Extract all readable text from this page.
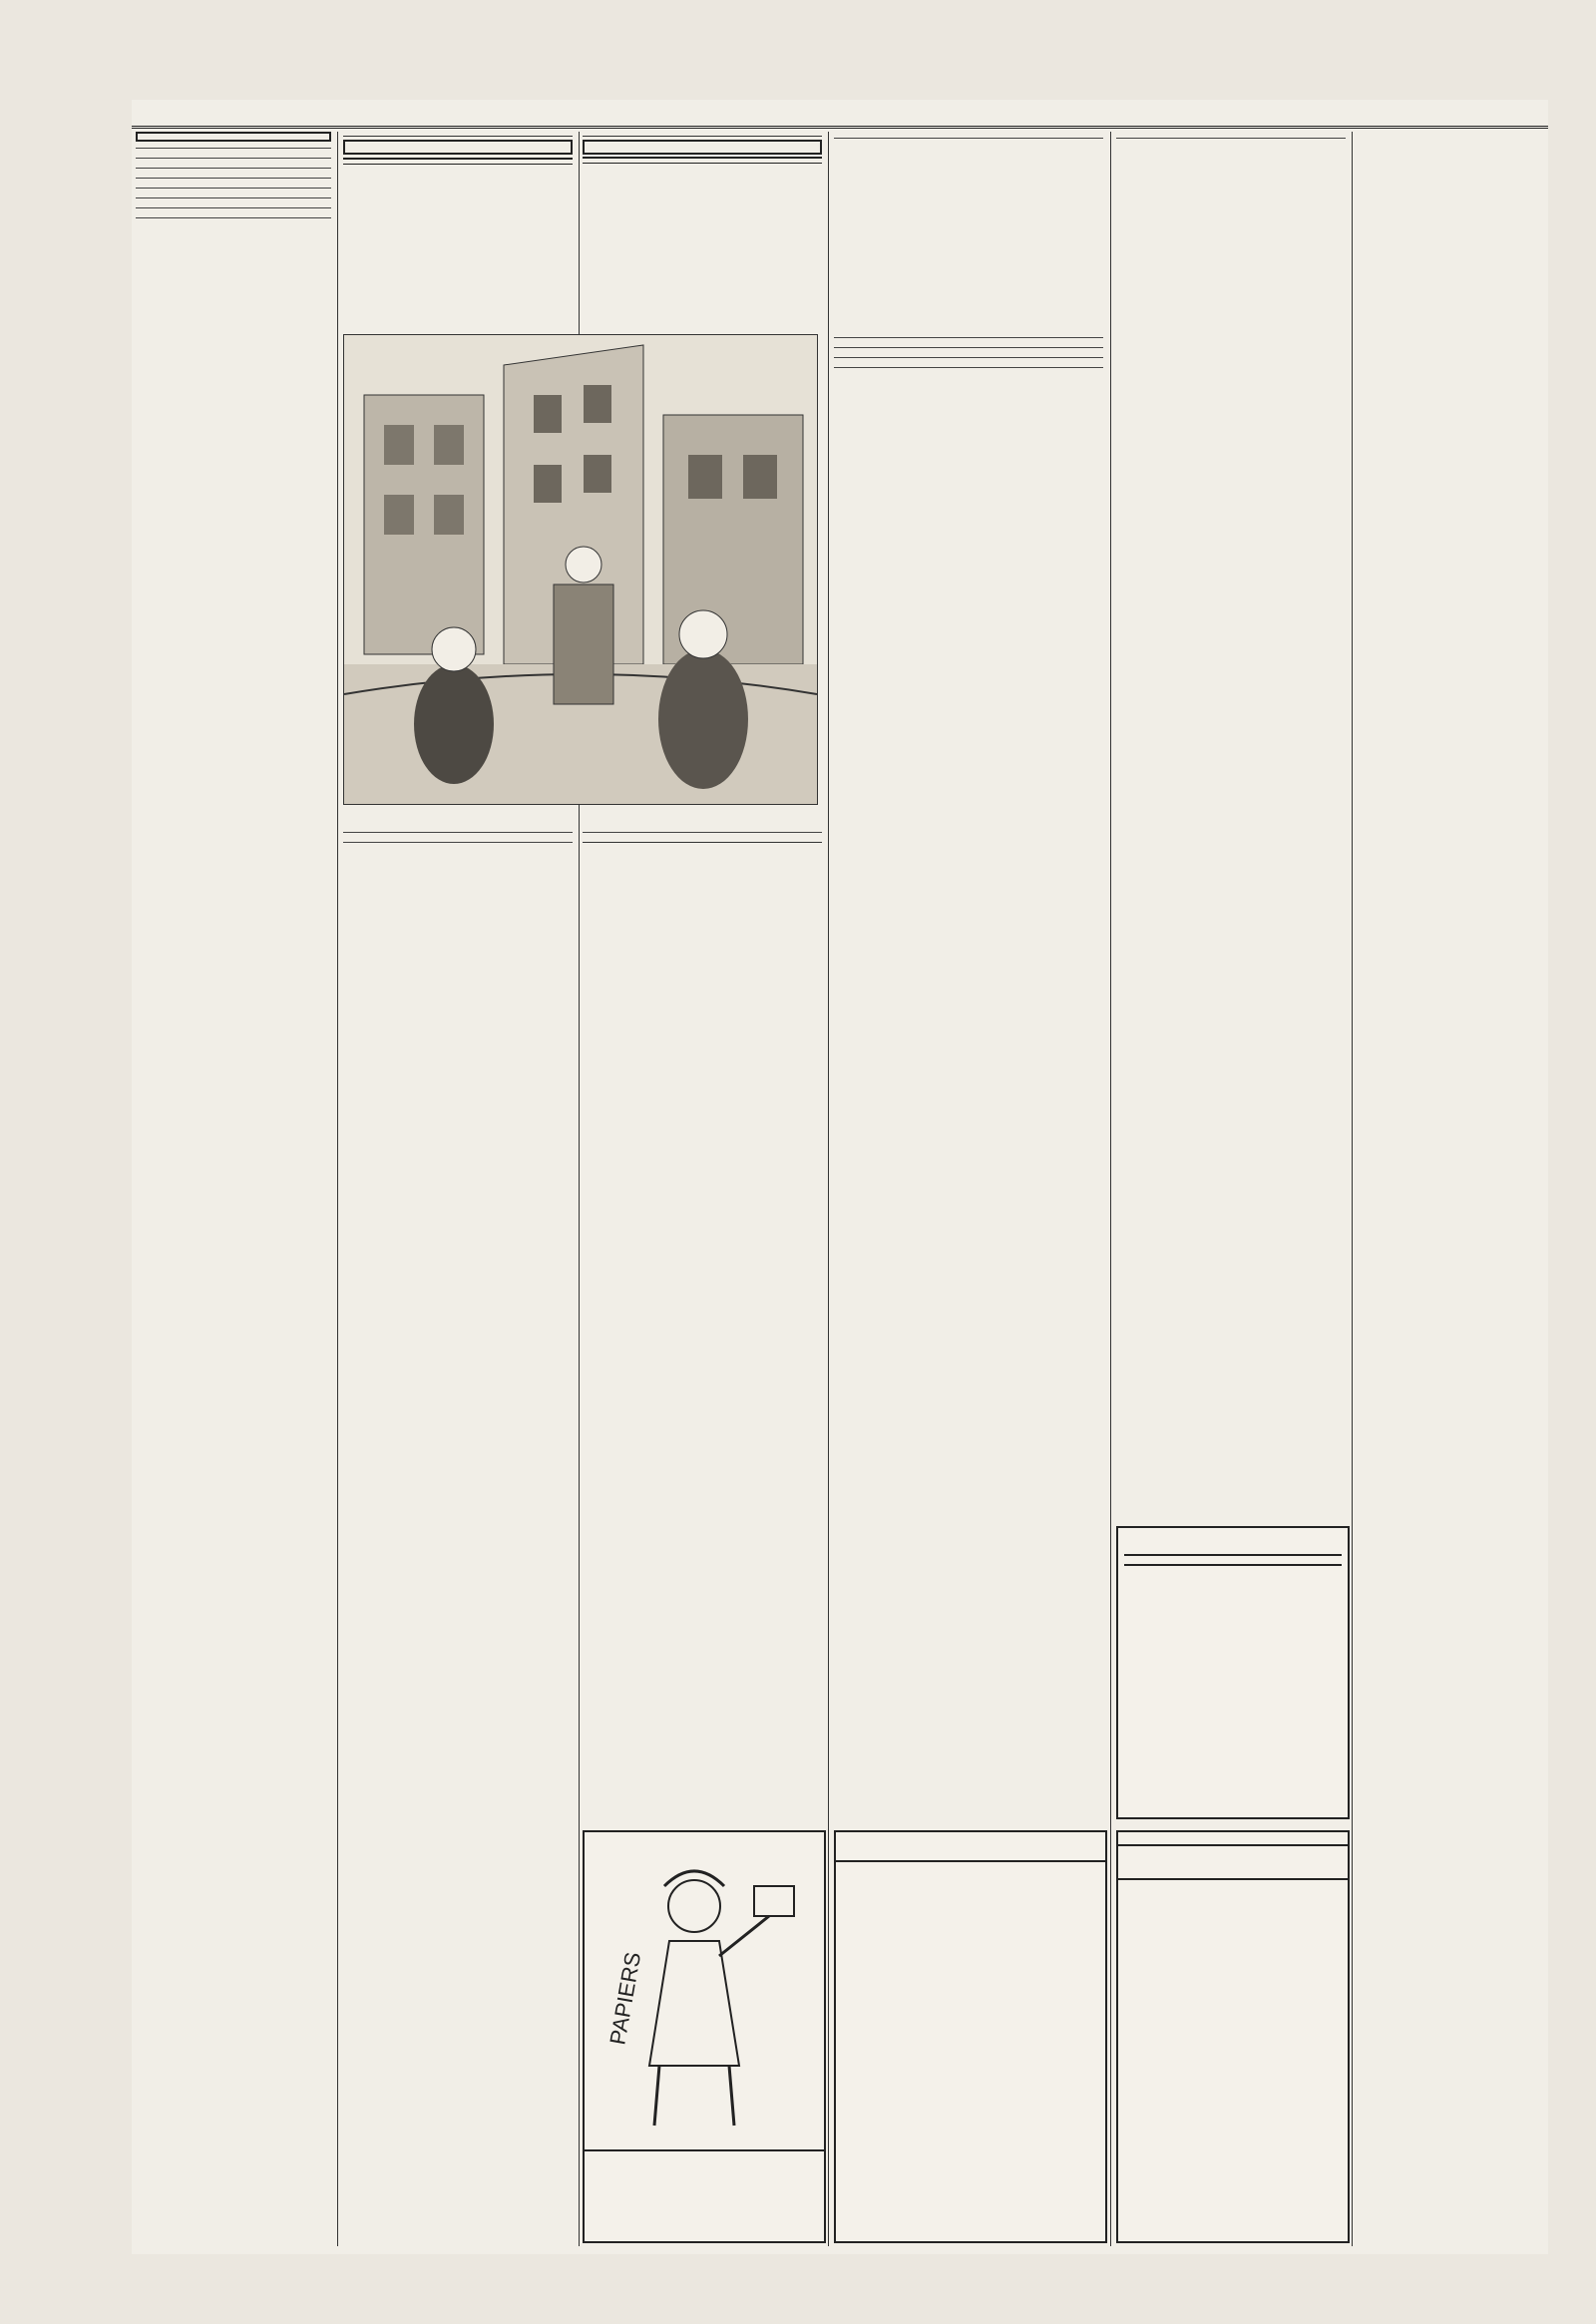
PAPIERS
